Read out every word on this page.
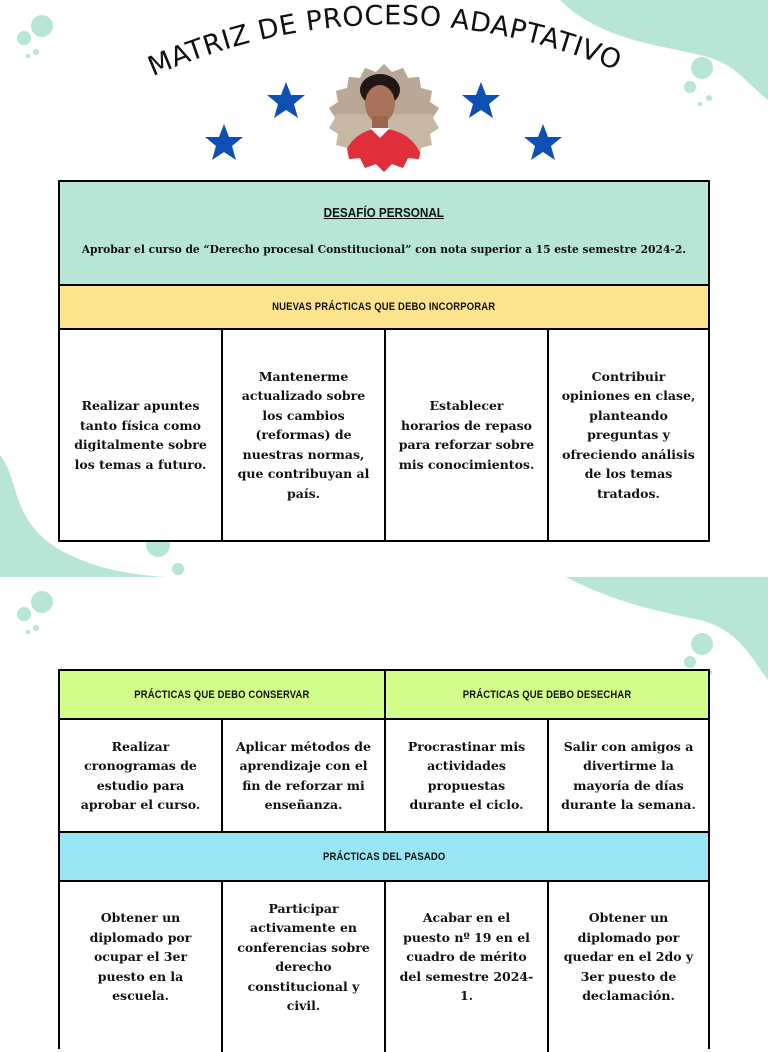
MATRIZ DE PROCESO ADAPTATIVO
DESAFÍO PERSONAL
Aprobar el curso de “Derecho procesal Constitucional” con nota superior a 15 este semestre 2024-2.
NUEVAS PRÁCTICAS QUE DEBO INCORPORAR
Realizar apuntes tanto física como digitalmente sobre los temas a futuro.
Mantenerme actualizado sobre los cambios (reformas) de nuestras normas, que contribuyan al país.
Establecer horarios de repaso para reforzar sobre mis conocimientos.
Contribuir opiniones en clase, planteando preguntas y ofreciendo análisis de los temas tratados.
PRÁCTICAS QUE DEBO CONSERVAR	PRÁCTICAS QUE DEBO DESECHAR
Realizar cronogramas de estudio para aprobar el curso.
Aplicar métodos de aprendizaje con el fin de reforzar mi enseñanza.
Procrastinar mis actividades propuestas durante el ciclo.
Salir con amigos a divertirme la mayoría de días durante la semana.
PRÁCTICAS DEL PASADO
Obtener un diplomado por ocupar el 3er puesto en la escuela.
Participar activamente en conferencias sobre derecho constitucional y civil.
Acabar en el puesto nº 19 en el cuadro de mérito del semestre 2024-1.
Obtener un diplomado por quedar en el 2do y 3er puesto de declamación.
